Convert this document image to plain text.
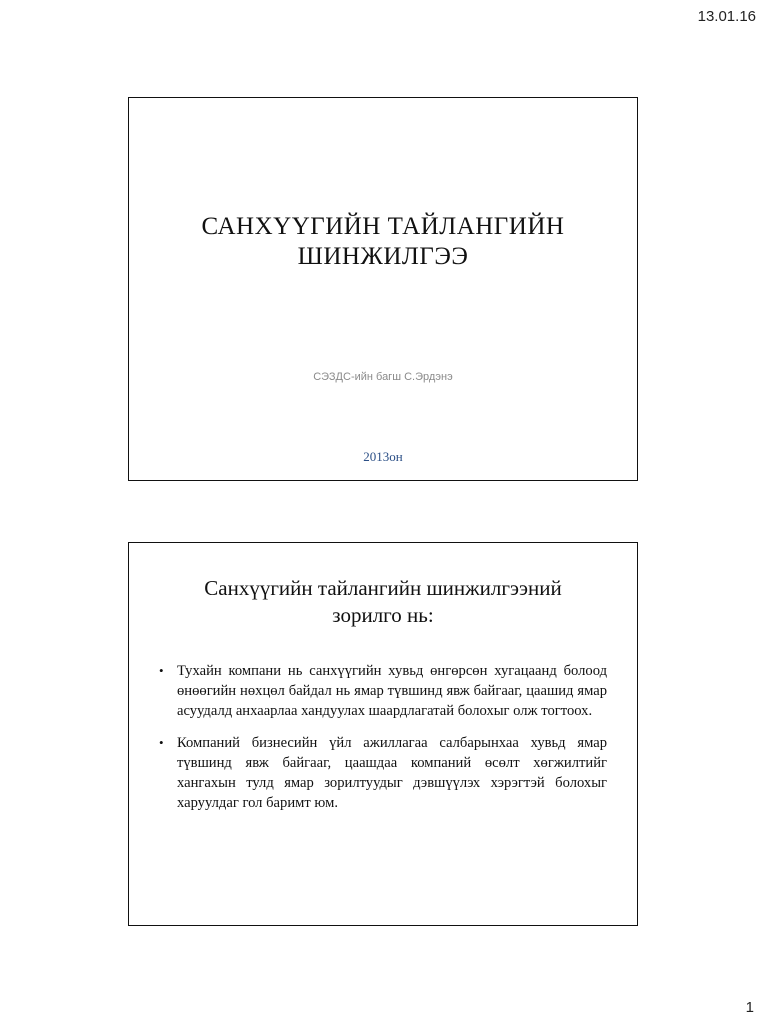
13.01.16
САНХҮҮГИЙН ТАЙЛАНГИЙН
ШИНЖИЛГЭЭ
СЭЗДС-ийн багш С.Эрдэнэ
2013он
Санхүүгийн тайлангийн шинжилгээний
зорилго нь:
• Тухайн компани нь санхүүгийн хувьд өнгөрсөн хугацаанд болоод өнөөгийн нөхцөл байдал нь ямар түвшинд явж байгааг, цаашид ямар асуудалд анхаарлаа хандуулах шаардлагатай болохыг олж тогтоох.
• Компаний бизнесийн үйл ажиллагаа салбарынхаа хувьд ямар түвшинд явж байгааг, цаашдаа компаний өсөлт хөгжилтийг хангахын тулд ямар зорилтуудыг дэвшүүлэх хэрэгтэй болохыг харуулдаг гол баримт юм.
1
